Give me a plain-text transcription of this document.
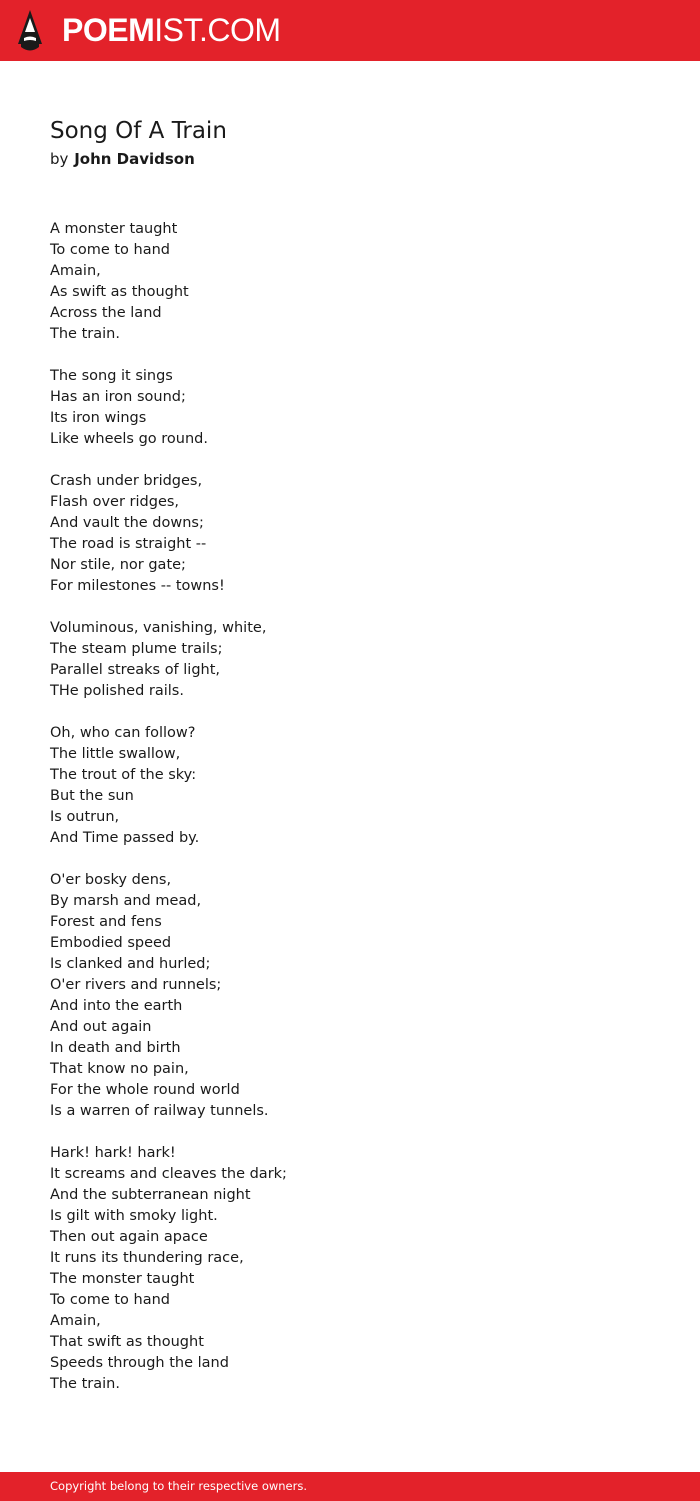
POEMIST.COM
Song Of A Train
by John Davidson
A monster taught
To come to hand
Amain,
As swift as thought
Across the land
The train.
The song it sings
Has an iron sound;
Its iron wings
Like wheels go round.
Crash under bridges,
Flash over ridges,
And vault the downs;
The road is straight --
Nor stile, nor gate;
For milestones -- towns!
Voluminous, vanishing, white,
The steam plume trails;
Parallel streaks of light,
THe polished rails.
Oh, who can follow?
The little swallow,
The trout of the sky:
But the sun
Is outrun,
And Time passed by.
O'er bosky dens,
By marsh and mead,
Forest and fens
Embodied speed
Is clanked and hurled;
O'er rivers and runnels;
And into the earth
And out again
In death and birth
That know no pain,
For the whole round world
Is a warren of railway tunnels.
Hark! hark! hark!
It screams and cleaves the dark;
And the subterranean night
Is gilt with smoky light.
Then out again apace
It runs its thundering race,
The monster taught
To come to hand
Amain,
That swift as thought
Speeds through the land
The train.
Copyright belong to their respective owners.
